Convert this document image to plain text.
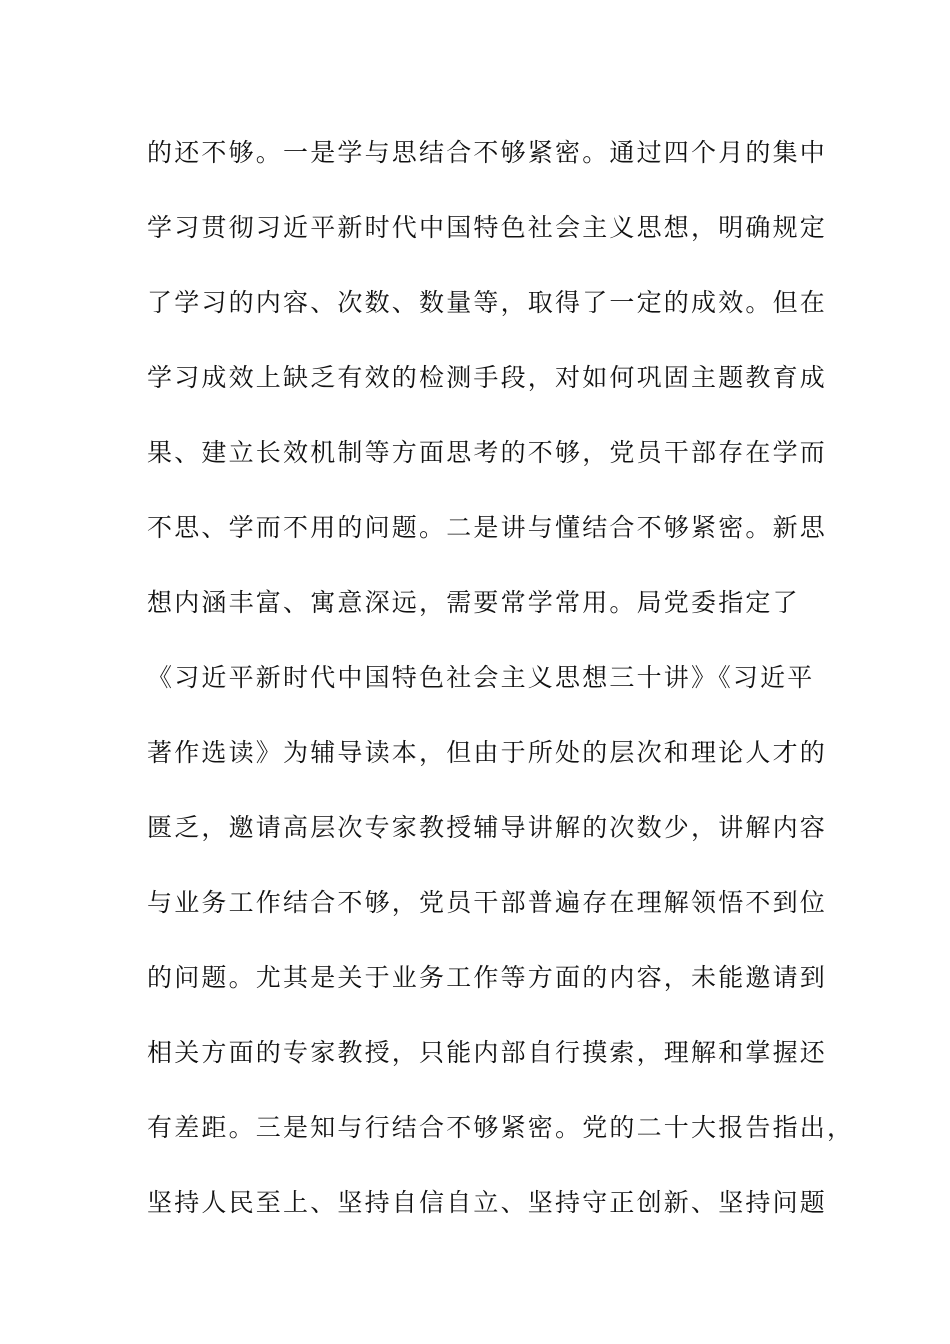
的还不够。一是学与思结合不够紧密。通过四个月的集中
学习贯彻习近平新时代中国特色社会主义思想，明确规定
了学习的内容、次数、数量等，取得了一定的成效。但在
学习成效上缺乏有效的检测手段，对如何巩固主题教育成
果、建立长效机制等方面思考的不够，党员干部存在学而
不思、学而不用的问题。二是讲与懂结合不够紧密。新思
想内涵丰富、寓意深远，需要常学常用。局党委指定了
《习近平新时代中国特色社会主义思想三十讲》《习近平
著作选读》为辅导读本，但由于所处的层次和理论人才的
匮乏，邀请高层次专家教授辅导讲解的次数少，讲解内容
与业务工作结合不够，党员干部普遍存在理解领悟不到位
的问题。尤其是关于业务工作等方面的内容，未能邀请到
相关方面的专家教授，只能内部自行摸索，理解和掌握还
有差距。三是知与行结合不够紧密。党的二十大报告指出，
坚持人民至上、坚持自信自立、坚持守正创新、坚持问题
